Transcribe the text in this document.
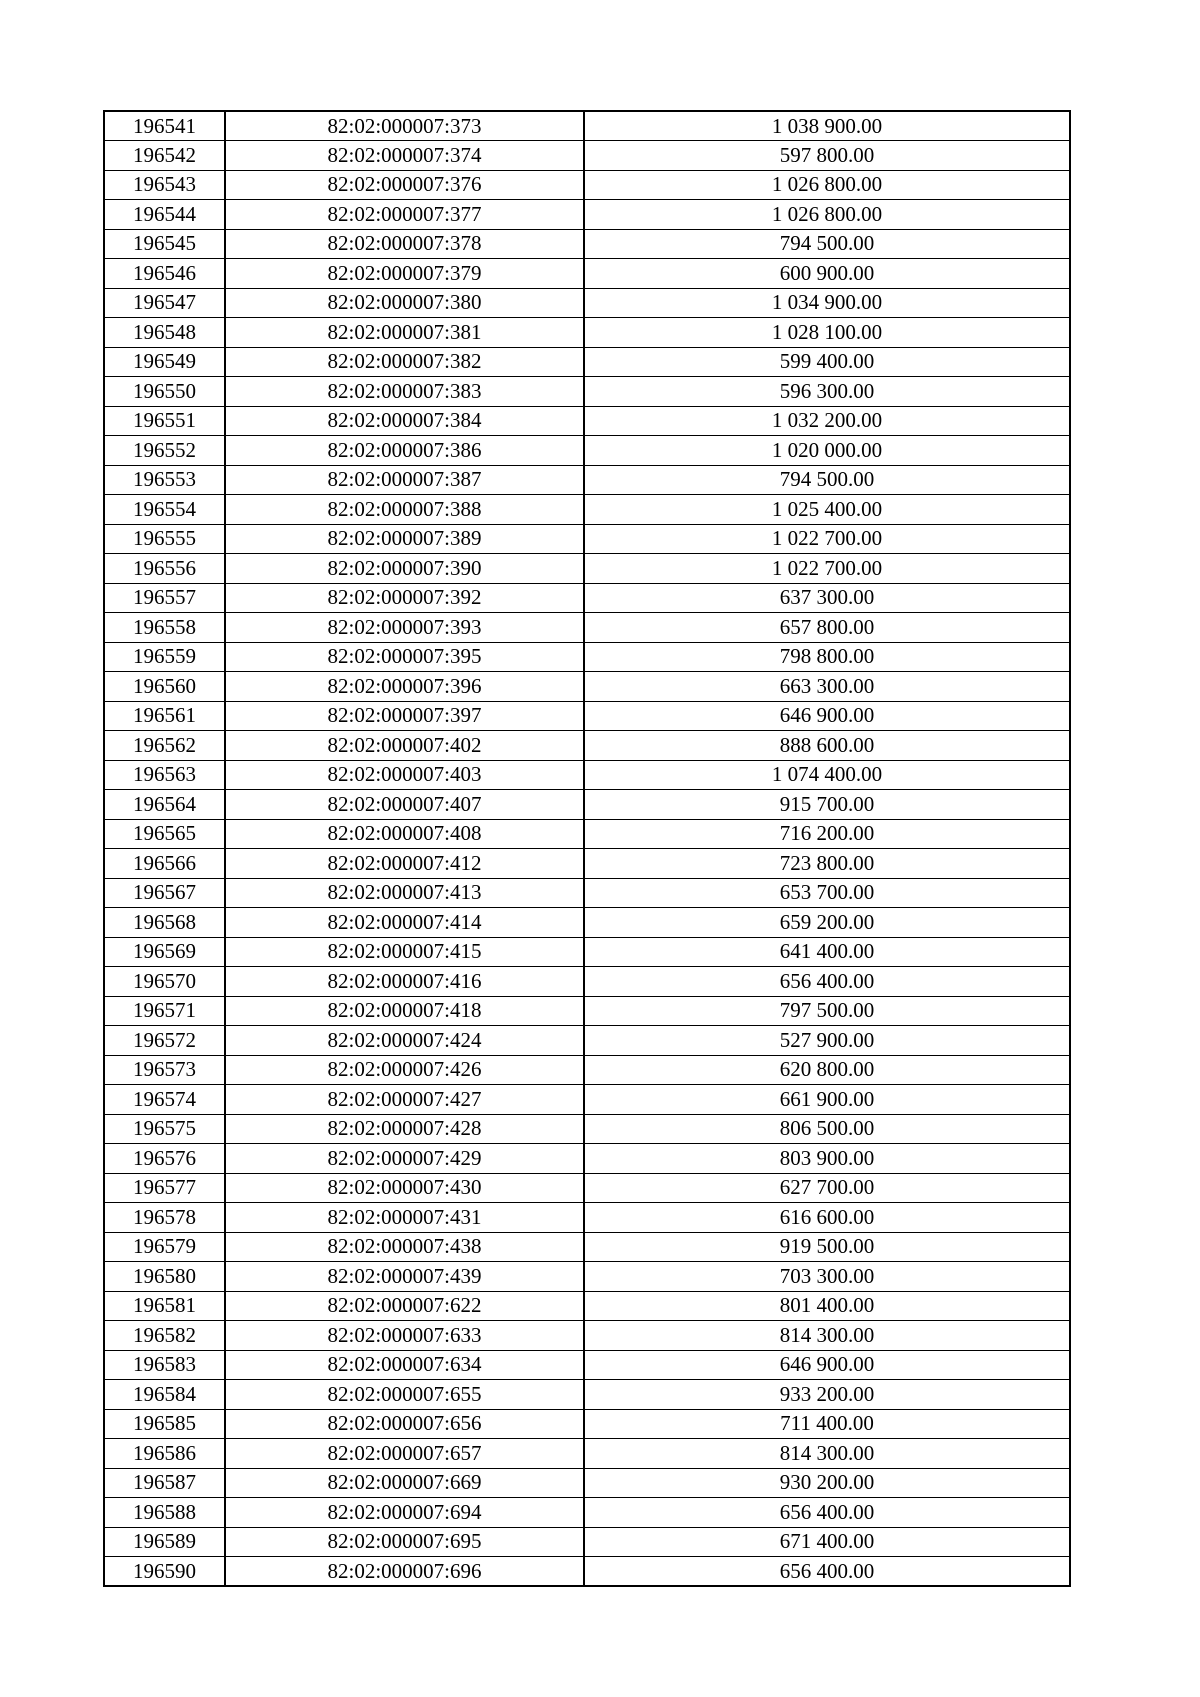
196541	82:02:000007:373	1 038 900.00
196542	82:02:000007:374	597 800.00
196543	82:02:000007:376	1 026 800.00
196544	82:02:000007:377	1 026 800.00
196545	82:02:000007:378	794 500.00
196546	82:02:000007:379	600 900.00
196547	82:02:000007:380	1 034 900.00
196548	82:02:000007:381	1 028 100.00
196549	82:02:000007:382	599 400.00
196550	82:02:000007:383	596 300.00
196551	82:02:000007:384	1 032 200.00
196552	82:02:000007:386	1 020 000.00
196553	82:02:000007:387	794 500.00
196554	82:02:000007:388	1 025 400.00
196555	82:02:000007:389	1 022 700.00
196556	82:02:000007:390	1 022 700.00
196557	82:02:000007:392	637 300.00
196558	82:02:000007:393	657 800.00
196559	82:02:000007:395	798 800.00
196560	82:02:000007:396	663 300.00
196561	82:02:000007:397	646 900.00
196562	82:02:000007:402	888 600.00
196563	82:02:000007:403	1 074 400.00
196564	82:02:000007:407	915 700.00
196565	82:02:000007:408	716 200.00
196566	82:02:000007:412	723 800.00
196567	82:02:000007:413	653 700.00
196568	82:02:000007:414	659 200.00
196569	82:02:000007:415	641 400.00
196570	82:02:000007:416	656 400.00
196571	82:02:000007:418	797 500.00
196572	82:02:000007:424	527 900.00
196573	82:02:000007:426	620 800.00
196574	82:02:000007:427	661 900.00
196575	82:02:000007:428	806 500.00
196576	82:02:000007:429	803 900.00
196577	82:02:000007:430	627 700.00
196578	82:02:000007:431	616 600.00
196579	82:02:000007:438	919 500.00
196580	82:02:000007:439	703 300.00
196581	82:02:000007:622	801 400.00
196582	82:02:000007:633	814 300.00
196583	82:02:000007:634	646 900.00
196584	82:02:000007:655	933 200.00
196585	82:02:000007:656	711 400.00
196586	82:02:000007:657	814 300.00
196587	82:02:000007:669	930 200.00
196588	82:02:000007:694	656 400.00
196589	82:02:000007:695	671 400.00
196590	82:02:000007:696	656 400.00
